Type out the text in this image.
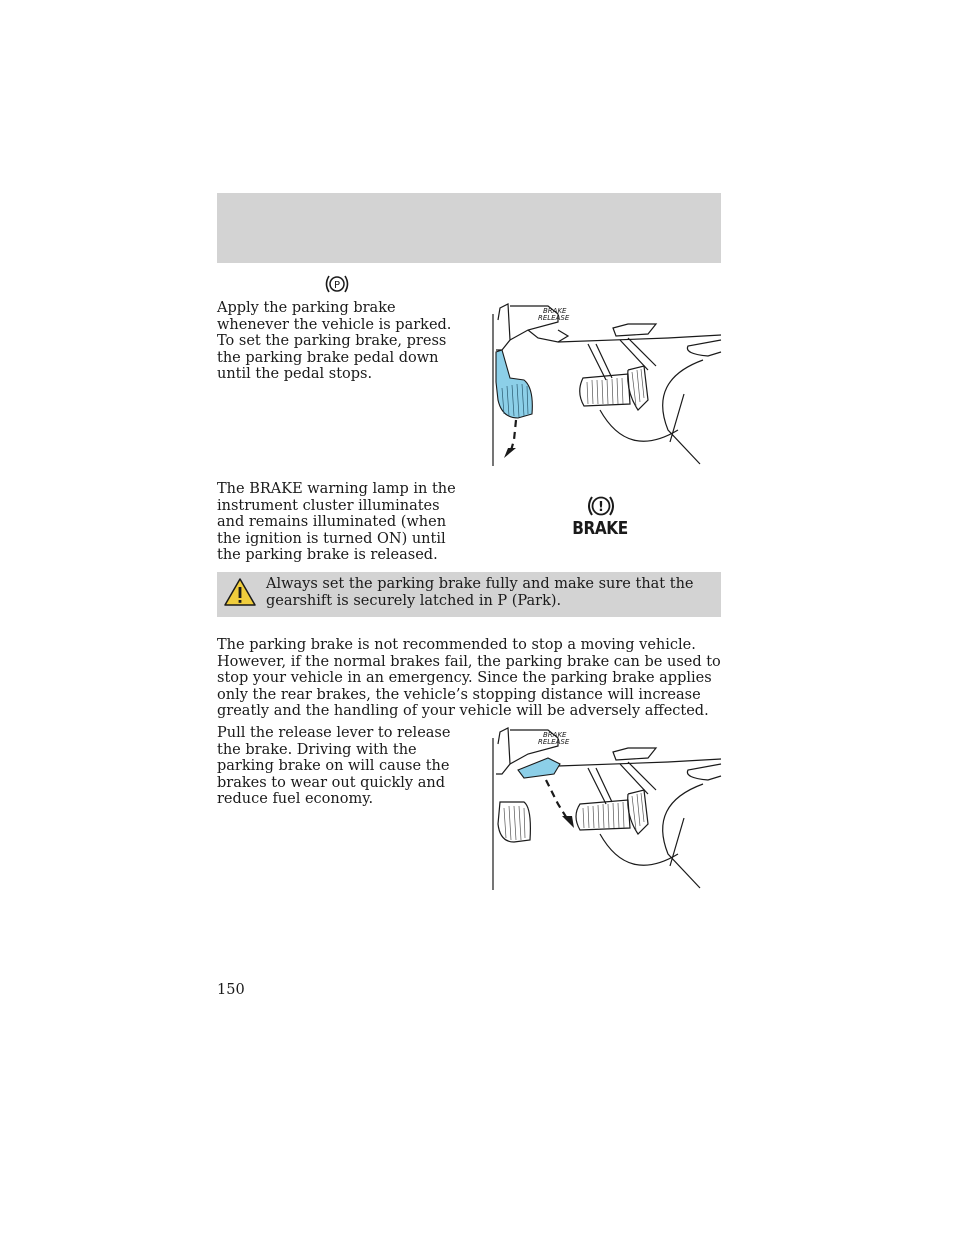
P

Apply the parking brake whenever the vehicle is parked. To set the parking brake, press the parking brake pedal down until the pedal stops.

BRAKE
RELEASE

The BRAKE warning lamp in the instrument cluster illuminates and remains illuminated (when the ignition is turned ON) until the parking brake is released.

!
BRAKE
Always set the parking brake fully and make sure that the gearshift is securely latched in P (Park).

The parking brake is not recommended to stop a moving vehicle. However, if the normal brakes fail, the parking brake can be used to stop your vehicle in an emergency. Since the parking brake applies only the rear brakes, the vehicle’s stopping distance will increase greatly and the handling of your vehicle will be adversely affected.

Pull the release lever to release the brake. Driving with the parking brake on will cause the brakes to wear out quickly and reduce fuel economy.

BRAKE
RELEASE
150
